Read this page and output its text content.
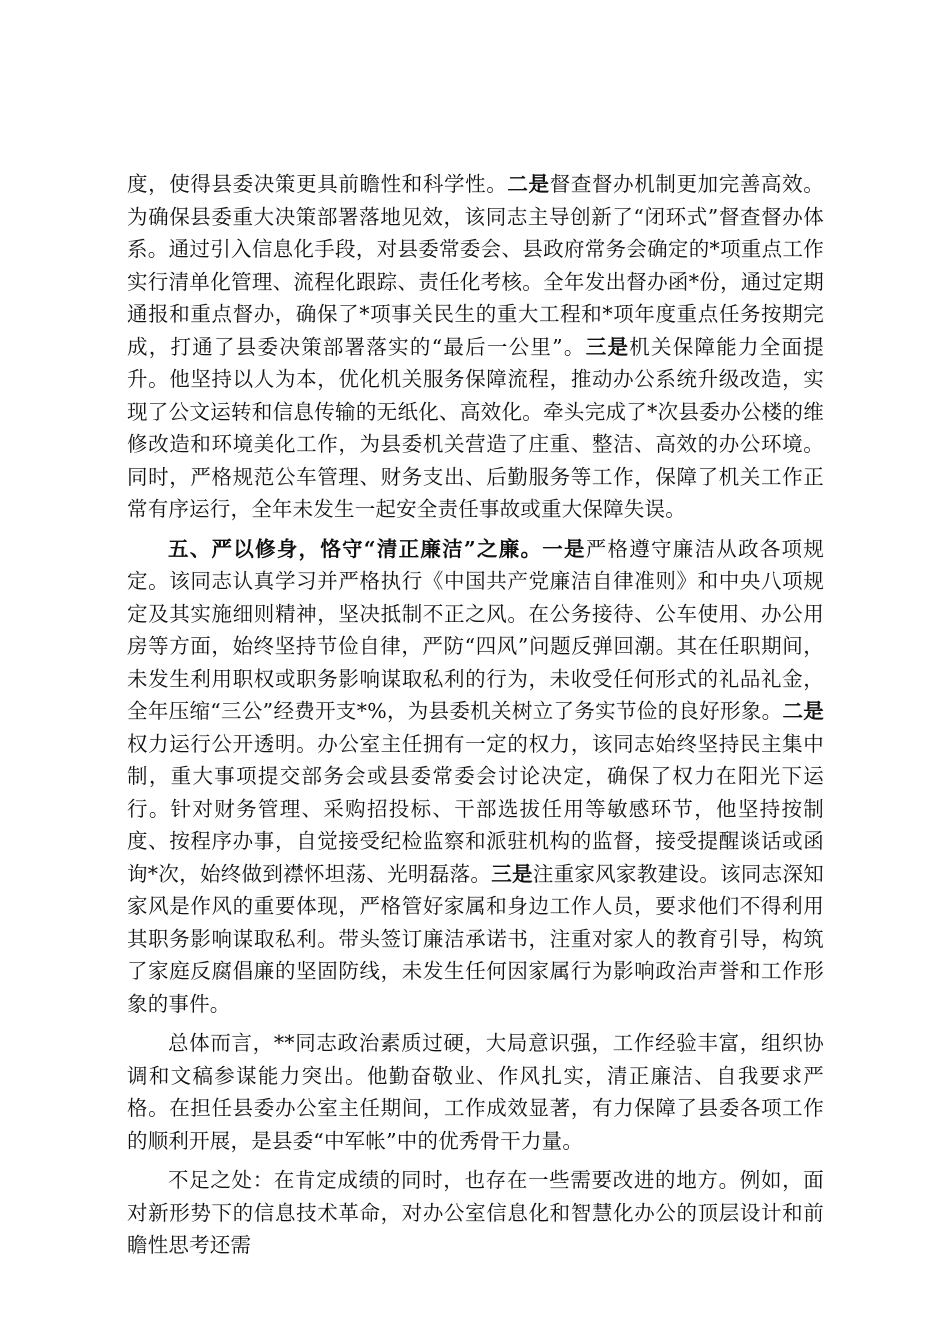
度，使得县委决策更具前瞻性和科学性。二是督查督办机制更加完善高效。为确保县委重大决策部署落地见效，该同志主导创新了“闭环式”督查督办体系。通过引入信息化手段，对县委常委会、县政府常务会确定的*项重点工作实行清单化管理、流程化跟踪、责任化考核。全年发出督办函*份，通过定期通报和重点督办，确保了*项事关民生的重大工程和*项年度重点任务按期完成，打通了县委决策部署落实的“最后一公里”。三是机关保障能力全面提升。他坚持以人为本，优化机关服务保障流程，推动办公系统升级改造，实现了公文运转和信息传输的无纸化、高效化。牵头完成了*次县委办公楼的维修改造和环境美化工作，为县委机关营造了庄重、整洁、高效的办公环境。同时，严格规范公车管理、财务支出、后勤服务等工作，保障了机关工作正常有序运行，全年未发生一起安全责任事故或重大保障失误。

五、严以修身，恪守“清正廉洁”之廉。一是严格遵守廉洁从政各项规定。该同志认真学习并严格执行《中国共产党廉洁自律准则》和中央八项规定及其实施细则精神，坚决抵制不正之风。在公务接待、公车使用、办公用房等方面，始终坚持节俭自律，严防“四风”问题反弹回潮。其在任职期间，未发生利用职权或职务影响谋取私利的行为，未收受任何形式的礼品礼金，全年压缩“三公”经费开支*%，为县委机关树立了务实节俭的良好形象。二是权力运行公开透明。办公室主任拥有一定的权力，该同志始终坚持民主集中制，重大事项提交部务会或县委常委会讨论决定，确保了权力在阳光下运行。针对财务管理、采购招投标、干部选拔任用等敏感环节，他坚持按制度、按程序办事，自觉接受纪检监察和派驻机构的监督，接受提醒谈话或函询*次，始终做到襟怀坦荡、光明磊落。三是注重家风家教建设。该同志深知家风是作风的重要体现，严格管好家属和身边工作人员，要求他们不得利用其职务影响谋取私利。带头签订廉洁承诺书，注重对家人的教育引导，构筑了家庭反腐倡廉的坚固防线，未发生任何因家属行为影响政治声誉和工作形象的事件。

总体而言，**同志政治素质过硬，大局意识强，工作经验丰富，组织协调和文稿参谋能力突出。他勤奋敬业、作风扎实，清正廉洁、自我要求严格。在担任县委办公室主任期间，工作成效显著，有力保障了县委各项工作的顺利开展，是县委“中军帐”中的优秀骨干力量。

不足之处：在肯定成绩的同时，也存在一些需要改进的地方。例如，面对新形势下的信息技术革命，对办公室信息化和智慧化办公的顶层设计和前瞻性思考还需
